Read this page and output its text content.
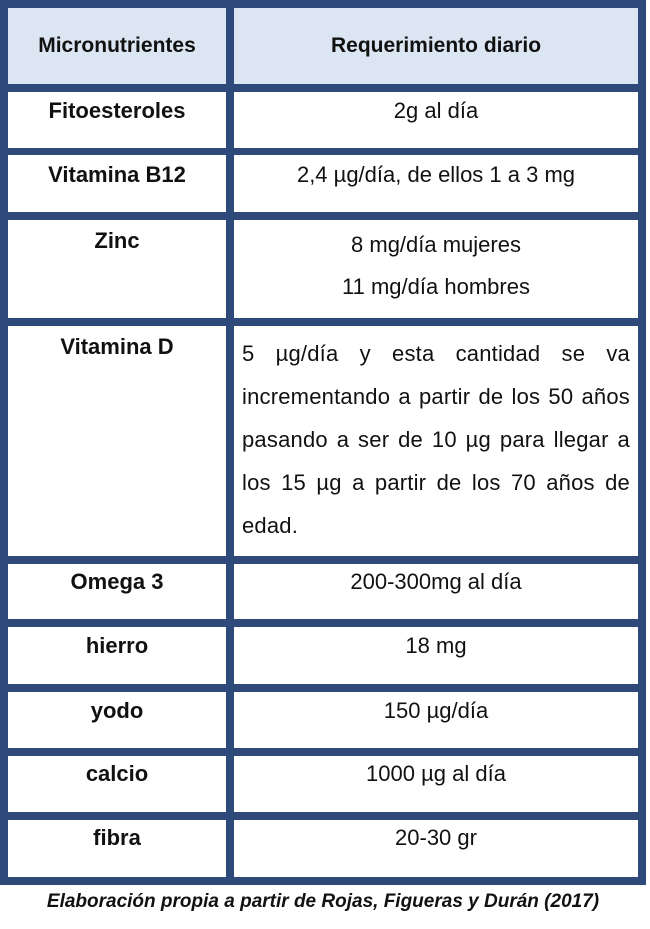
Micronutrientes	Requerimiento diario
Fitoesteroles	2g al día
Vitamina B12	2,4 µg/día, de ellos 1 a 3 mg
Zinc	8 mg/día mujeres
11 mg/día hombres
Vitamina D	5 µg/día y esta cantidad se va incrementando a partir de los 50 años pasando a ser de 10 µg para llegar a los 15 µg a partir de los 70 años de edad.
Omega 3	200-300mg al día
hierro	18 mg
yodo	150 µg/día
calcio	1000 µg al día
fibra	20-30 gr
Elaboración propia a partir de Rojas, Figueras y Durán (2017)
